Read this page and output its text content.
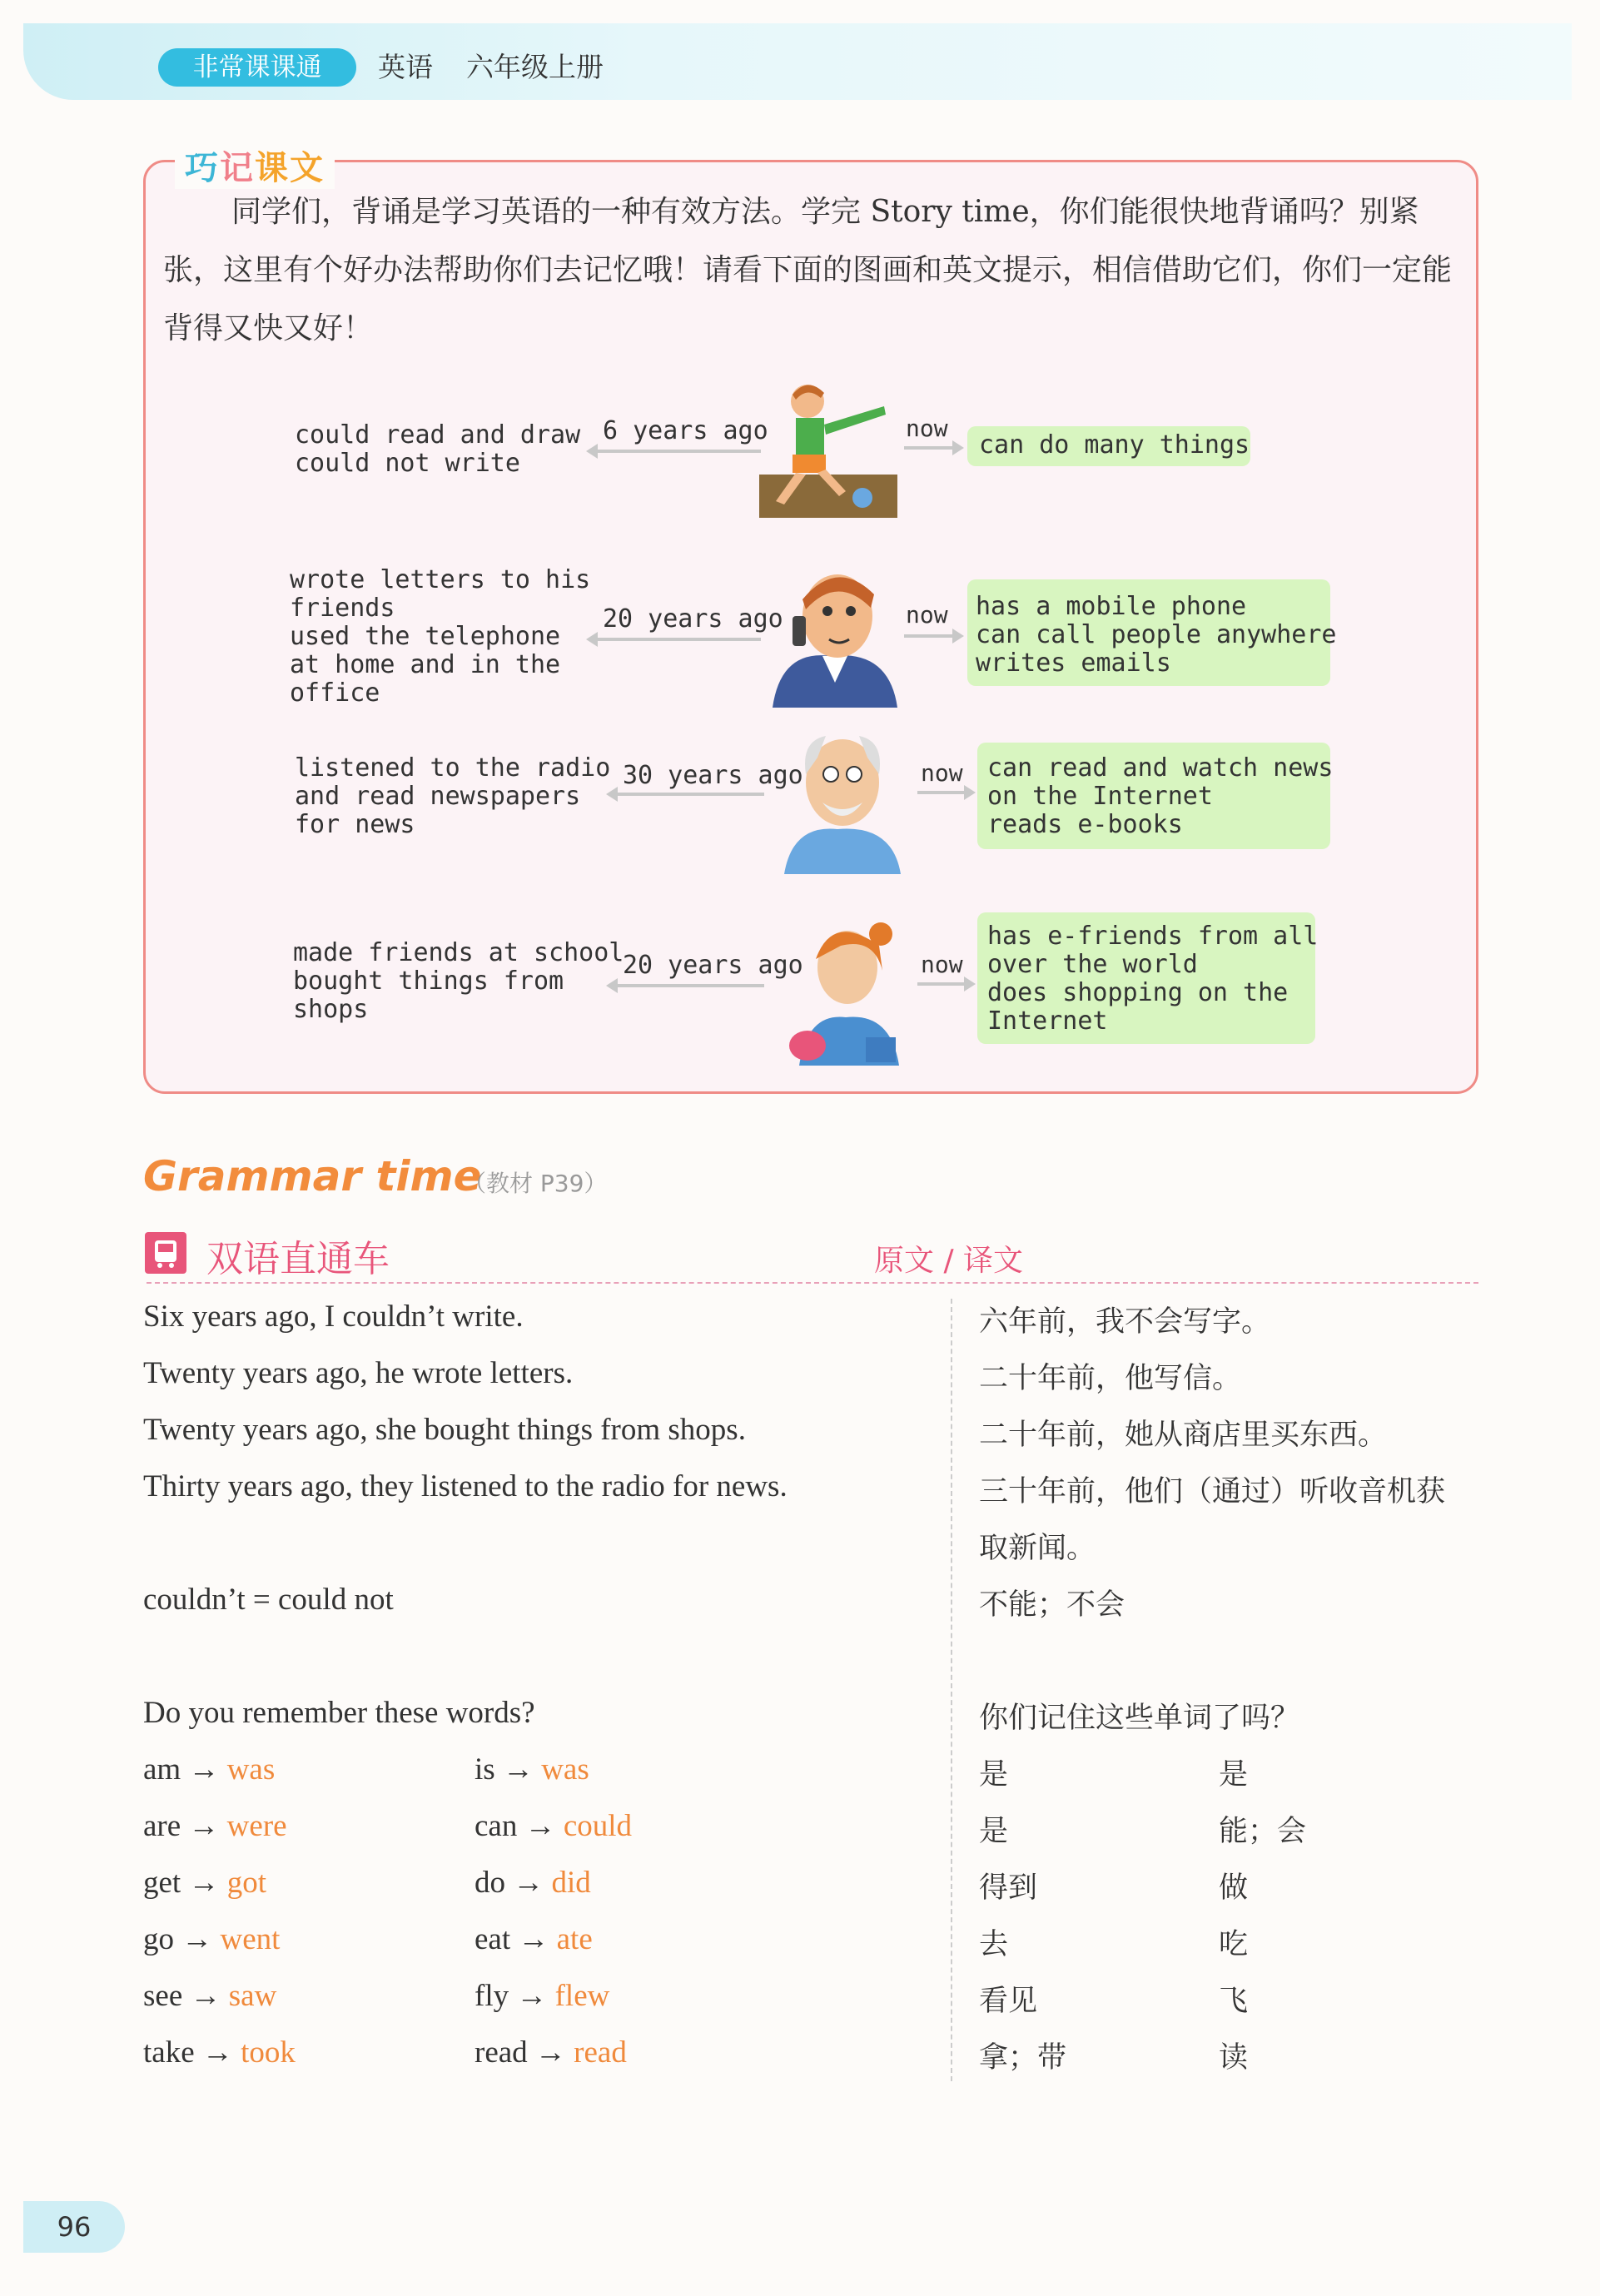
非常课课通	英语 六年级上册
巧记课文
同学们，背诵是学习英语的一种有效方法。学完 Story time，你们能很快地背诵吗？别紧张，这里有个好办法帮助你们去记忆哦！请看下面的图画和英文提示，相信借助它们，你们一定能背得又快又好！
could read and draw
could not write
6 years ago	now
can do many things
wrote letters to his
friends
used the telephone
at home and in the
office
20 years ago	now has a mobile phone
can call people anywhere
writes emails
listened to the radio
and read newspapers
for news
30 years ago	now can read and watch news
on the Internet
reads e-books
made friends at school
bought things from
shops
20 years ago	now
has e-friends from all
over the world
does shopping on the
Internet
Grammar time
（教材 P39）
双语直通车	原文 / 译文
Six years ago, I couldn’t write.
Twenty years ago, he wrote letters.
Twenty years ago, she bought things from shops.
Thirty years ago, they listened to the radio for news.
couldn’t = could not
Do you remember these words?
六年前，我不会写字。
二十年前，他写信。
二十年前，她从商店里买东西。
三十年前，他们（通过）听收音机获
取新闻。
不能；不会
你们记住这些单词了吗？
am → was	is → was	是	是
are → were	can → could	是	能；会
get → got	do → did	得到	做
go → went	eat → ate	去	吃
see → saw	fly → flew	看见	飞
take → took	read → read	拿；带	读
96
